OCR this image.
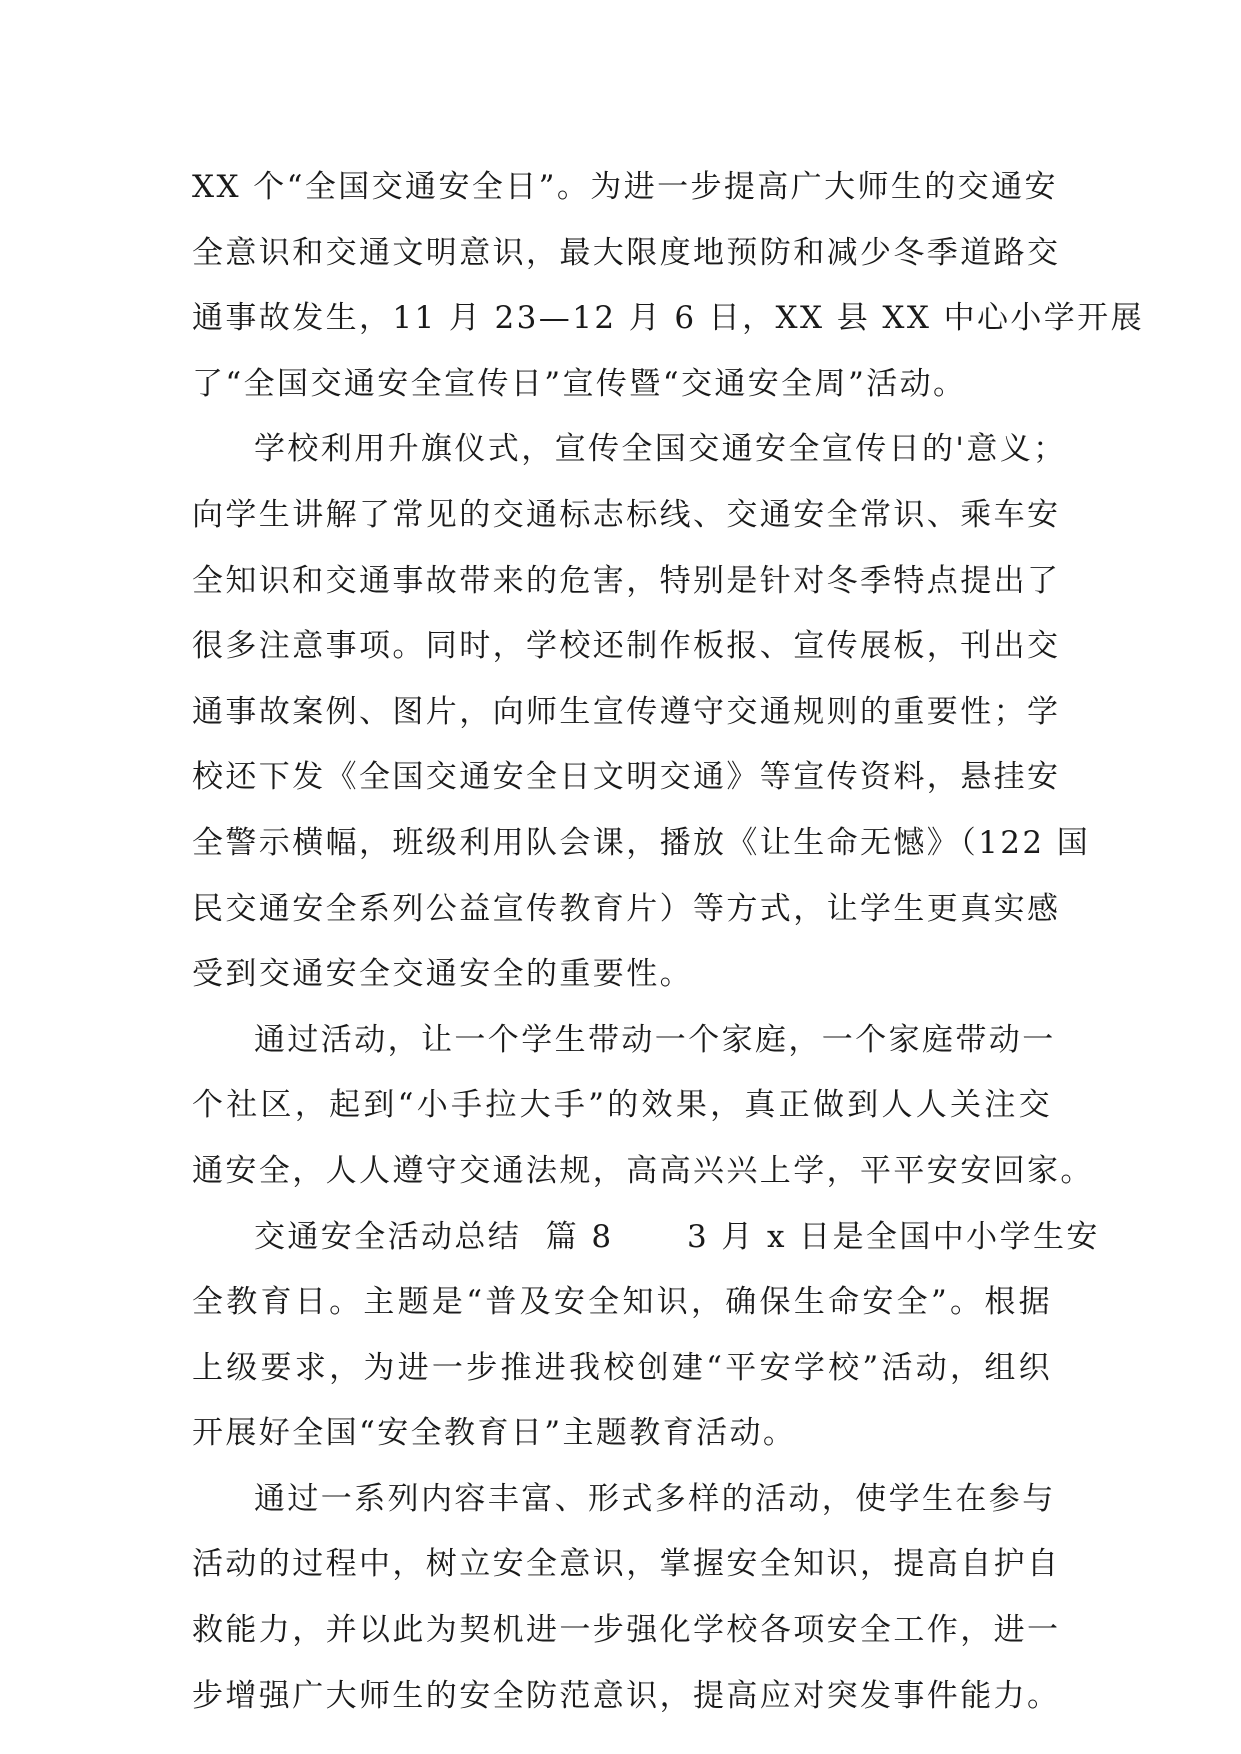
XX 个“全国交通安全日”。为进一步提高广大师生的交通安
全意识和交通文明意识，最大限度地预防和减少冬季道路交
通事故发生，11 月 23—12 月 6 日，XX 县 XX 中心小学开展
了“全国交通安全宣传日”宣传暨“交通安全周”活动。
学校利用升旗仪式，宣传全国交通安全宣传日的'意义；
向学生讲解了常见的交通标志标线、交通安全常识、乘车安
全知识和交通事故带来的危害，特别是针对冬季特点提出了
很多注意事项。同时，学校还制作板报、宣传展板，刊出交
通事故案例、图片，向师生宣传遵守交通规则的重要性；学
校还下发《全国交通安全日文明交通》等宣传资料，悬挂安
全警示横幅，班级利用队会课，播放《让生命无憾》（122 国
民交通安全系列公益宣传教育片）等方式，让学生更真实感
受到交通安全交通安全的重要性。
通过活动，让一个学生带动一个家庭，一个家庭带动一
个社区，起到“小手拉大手”的效果，真正做到人人关注交
通安全，人人遵守交通法规，高高兴兴上学，平平安安回家。
交通安全活动总结  篇 8      3 月 x 日是全国中小学生安
全教育日。主题是“普及安全知识，确保生命安全”。根据
上级要求，为进一步推进我校创建“平安学校”活动，组织
开展好全国“安全教育日”主题教育活动。
通过一系列内容丰富、形式多样的活动，使学生在参与
活动的过程中，树立安全意识，掌握安全知识，提高自护自
救能力，并以此为契机进一步强化学校各项安全工作，进一
步增强广大师生的安全防范意识，提高应对突发事件能力。
